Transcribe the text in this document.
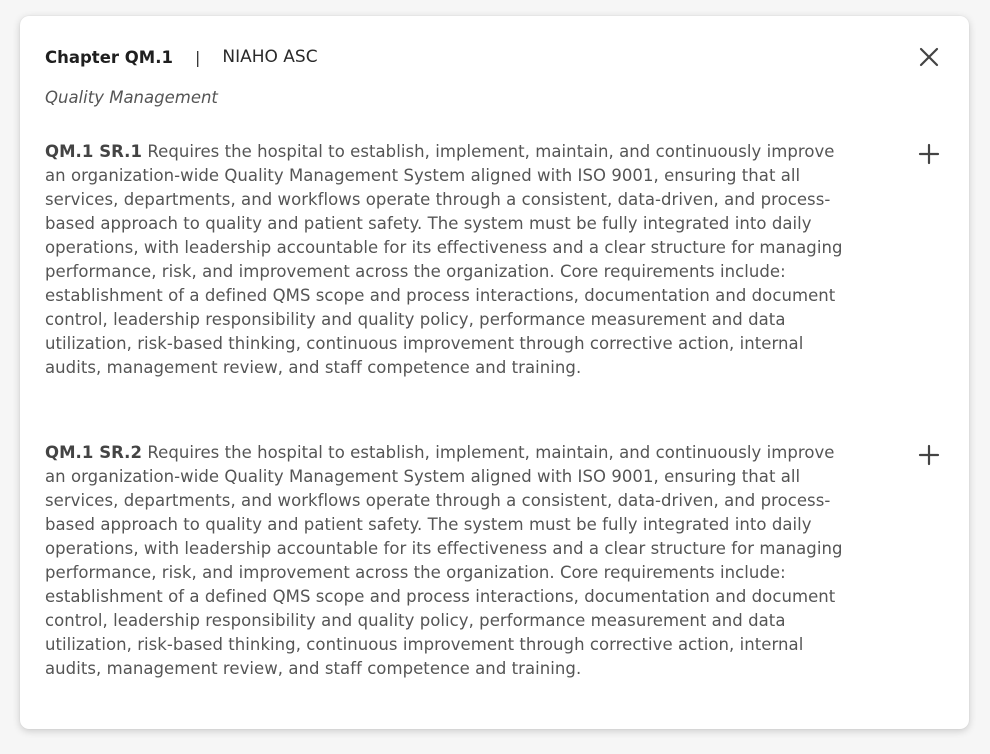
Chapter QM.1 | NIAHO ASC
Quality Management
QM.1 SR.1 Requires the hospital to establish, implement, maintain, and continuously improve an organization-wide Quality Management System aligned with ISO 9001, ensuring that all services, departments, and workflows operate through a consistent, data-driven, and process-based approach to quality and patient safety. The system must be fully integrated into daily operations, with leadership accountable for its effectiveness and a clear structure for managing performance, risk, and improvement across the organization. Core requirements include: establishment of a defined QMS scope and process interactions, documentation and document control, leadership responsibility and quality policy, performance measurement and data utilization, risk-based thinking, continuous improvement through corrective action, internal audits, management review, and staff competence and training.
QM.1 SR.2 Requires the hospital to establish, implement, maintain, and continuously improve an organization-wide Quality Management System aligned with ISO 9001, ensuring that all services, departments, and workflows operate through a consistent, data-driven, and process-based approach to quality and patient safety. The system must be fully integrated into daily operations, with leadership accountable for its effectiveness and a clear structure for managing performance, risk, and improvement across the organization. Core requirements include: establishment of a defined QMS scope and process interactions, documentation and document control, leadership responsibility and quality policy, performance measurement and data utilization, risk-based thinking, continuous improvement through corrective action, internal audits, management review, and staff competence and training.
